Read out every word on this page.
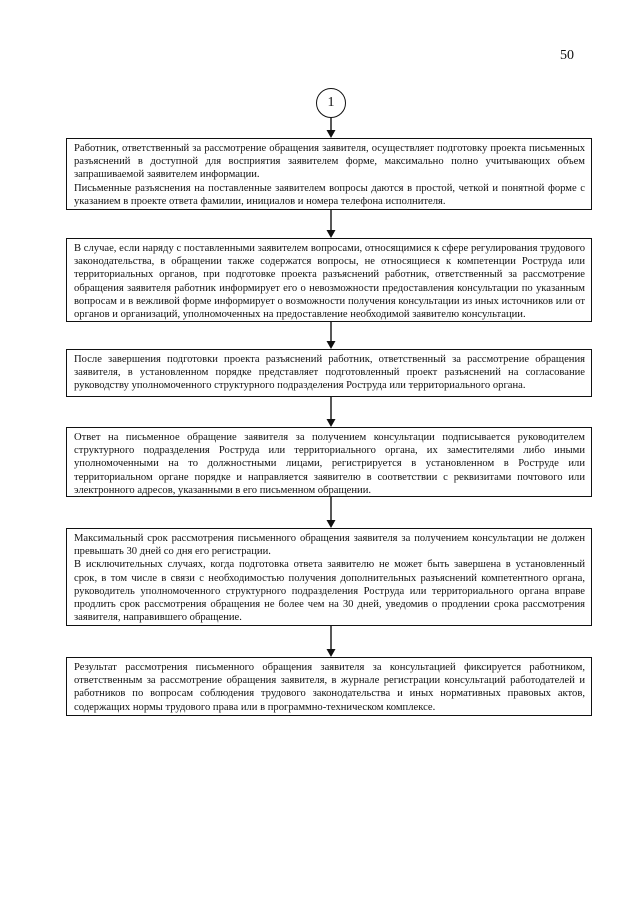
50
1

Работник, ответственный за рассмотрение обращения заявителя, осуществляет подготовку проекта письменных разъяснений в доступной для восприятия заявителем форме, максимально полно учитывающих объем запрашиваемой заявителем информации.

Письменные разъяснения на поставленные заявителем вопросы даются в простой, четкой и понятной форме с указанием в проекте ответа фамилии, инициалов и номера телефона исполнителя.

В случае, если наряду с поставленными заявителем вопросами, относящимися к сфере регулирования трудового законодательства, в обращении также содержатся вопросы, не относящиеся к компетенции Роструда или территориальных органов, при подготовке проекта разъяснений работник, ответственный за рассмотрение обращения заявителя работник информирует его о невозможности предоставления консультации по указанным вопросам и в вежливой форме информирует о возможности получения консультации из иных источников или от органов и организаций, уполномоченных на предоставление необходимой заявителю консультации.

После завершения подготовки проекта разъяснений работник, ответственный за рассмотрение обращения заявителя, в установленном порядке представляет подготовленный проект разъяснений на согласование руководству уполномоченного структурного подразделения Роструда или территориального органа.

Ответ на письменное обращение заявителя за получением консультации подписывается руководителем структурного подразделения Роструда или территориального органа, их заместителями либо иными уполномоченными на то должностными лицами, регистрируется в установленном в Роструде или территориальном органе порядке и направляется заявителю в соответствии с реквизитами почтового или электронного адресов, указанными в его письменном обращении.

Максимальный срок рассмотрения письменного обращения заявителя за получением консультации не должен превышать 30 дней со дня его регистрации.

В исключительных случаях, когда подготовка ответа заявителю не может быть завершена в установленный срок, в том числе в связи с необходимостью получения дополнительных разъяснений компетентного органа, руководитель уполномоченного структурного подразделения Роструда или территориального органа вправе продлить срок рассмотрения обращения не более чем на 30 дней, уведомив о продлении срока рассмотрения заявителя, направившего обращение.

Результат рассмотрения письменного обращения заявителя за консультацией фиксируется работником, ответственным за рассмотрение обращения заявителя, в журнале регистрации консультаций работодателей и работников по вопросам соблюдения трудового законодательства и иных нормативных правовых актов, содержащих нормы трудового права или в программно-техническом комплексе.
